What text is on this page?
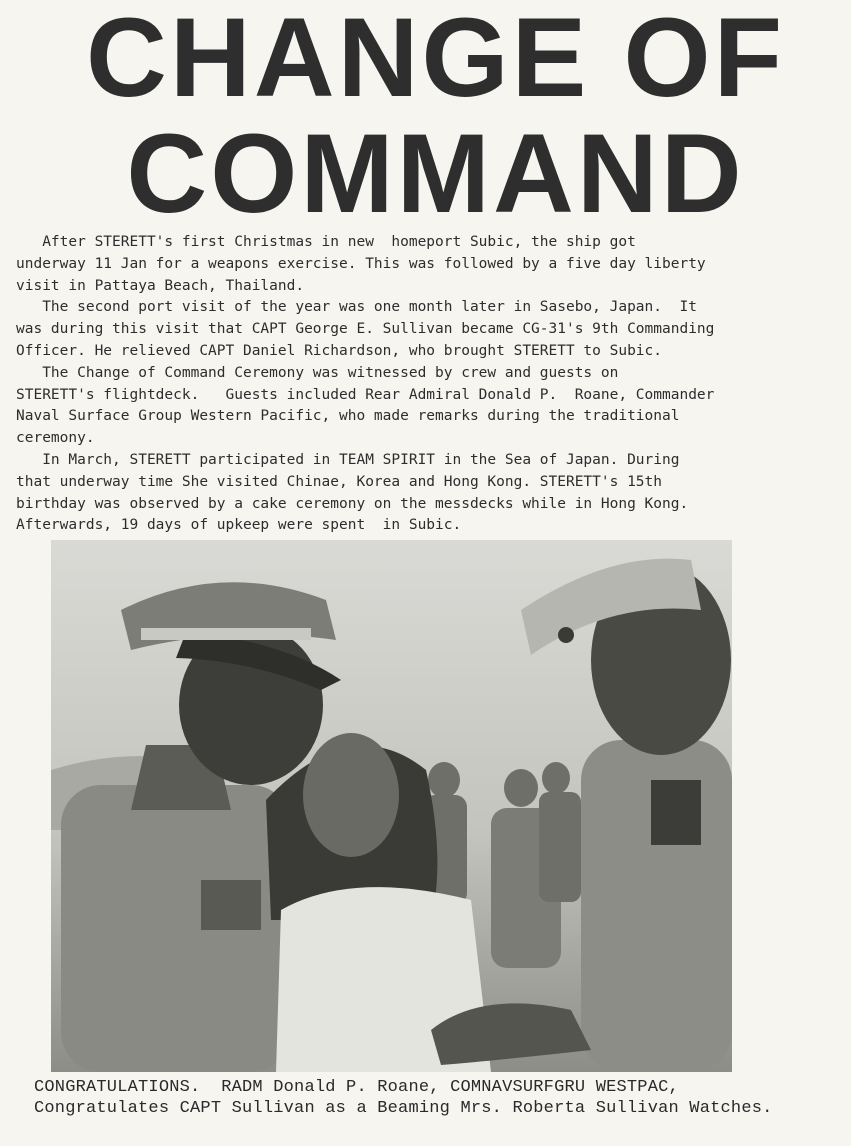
CHANGE OF
COMMAND

After STERETT's first Christmas in new  homeport Subic, the ship got

underway 11 Jan for a weapons exercise. This was followed by a five day liberty

visit in Pattaya Beach, Thailand.

The second port visit of the year was one month later in Sasebo, Japan.  It

was during this visit that CAPT George E. Sullivan became CG-31's 9th Commanding

Officer. He relieved CAPT Daniel Richardson, who brought STERETT to Subic.

The Change of Command Ceremony was witnessed by crew and guests on

STERETT's flightdeck.   Guests included Rear Admiral Donald P.  Roane, Commander

Naval Surface Group Western Pacific, who made remarks during the traditional

ceremony.

In March, STERETT participated in TEAM SPIRIT in the Sea of Japan. During

that underway time She visited Chinae, Korea and Hong Kong. STERETT's 15th

birthday was observed by a cake ceremony on the messdecks while in Hong Kong.

Afterwards, 19 days of upkeep were spent  in Subic.

CONGRATULATIONS.  RADM Donald P. Roane, COMNAVSURFGRU WESTPAC,
Congratulates CAPT Sullivan as a Beaming Mrs. Roberta Sullivan Watches.
